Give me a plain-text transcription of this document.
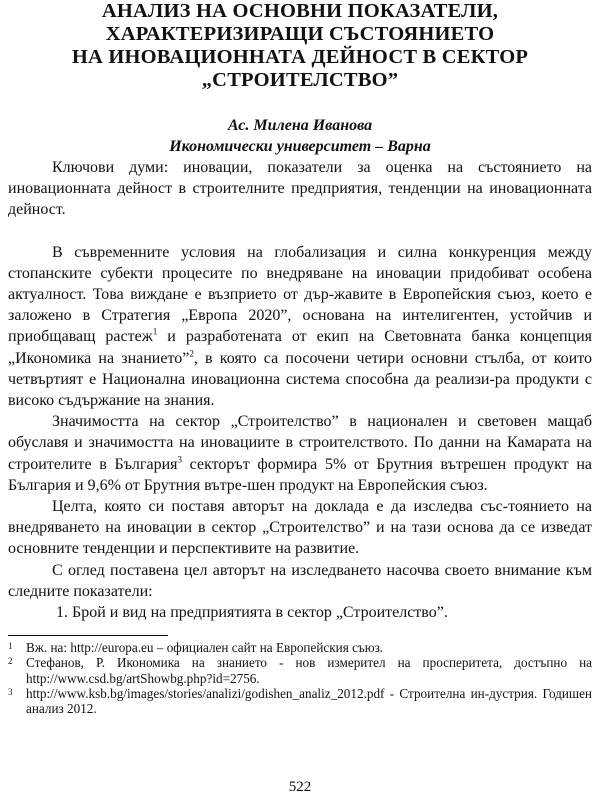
АНАЛИЗ НА ОСНОВНИ ПОКАЗАТЕЛИ,
ХАРАКТЕРИЗИРАЩИ СЪСТОЯНИЕТО
НА ИНОВАЦИОННАТА ДЕЙНОСТ В СЕКТОР
„СТРОИТЕЛСТВО”
Ас. Милена Иванова
Икономически университет – Варна

Ключови думи: иновации, показатели за оценка на състоянието на иновационната дейност в строителните предприятия, тенденции на иновационната дейност.

В съвременните условия на глобализация и силна конкуренция между стопанските субекти процесите по внедряване на иновации придобиват особена актуалност. Това виждане е възприето от дър-жавите в Европейския съюз, което е заложено в Стратегия „Европа 2020”, основана на интелигентен, устойчив и приобщаващ растеж$^1$ и разработената от екип на Световната банка концепция „Икономика на знанието”$^2$, в която са посочени четири основни стълба, от които четвъртият е Национална иновационна система способна да реализи-ра продукти с високо съдържание на знания.

Значимостта на сектор „Строителство” в национален и световен мащаб обуславя и значимостта на иновациите в строителството. По данни на Камарата на строителите в България$^3$ секторът формира 5% от Брутния вътрешен продукт на България и 9,6% от Брутния вътре-шен продукт на Европейския съюз.

Целта, която си поставя авторът на доклада е да изследва със-тоянието на внедряването на иновации в сектор „Строителство” и на тази основа да се изведат основните тенденции и перспективите на развитие.

С оглед поставена цел авторът на изследването насочва своето внимание към следните показатели:

1. Брой и вид на предприятията в сектор „Строителство”.

1	Вж. на: http://europa.eu – официален сайт на Европейския съюз.
2	Стефанов, Р. Икономика на знанието - нов измерител на просперитета, достъпно на http://www.csd.bg/artShowbg.php?id=2756.
3	http://www.ksb.bg/images/stories/analizi/godishen_analiz_2012.pdf - Строителна ин-дустрия. Годишен анализ 2012.
522
